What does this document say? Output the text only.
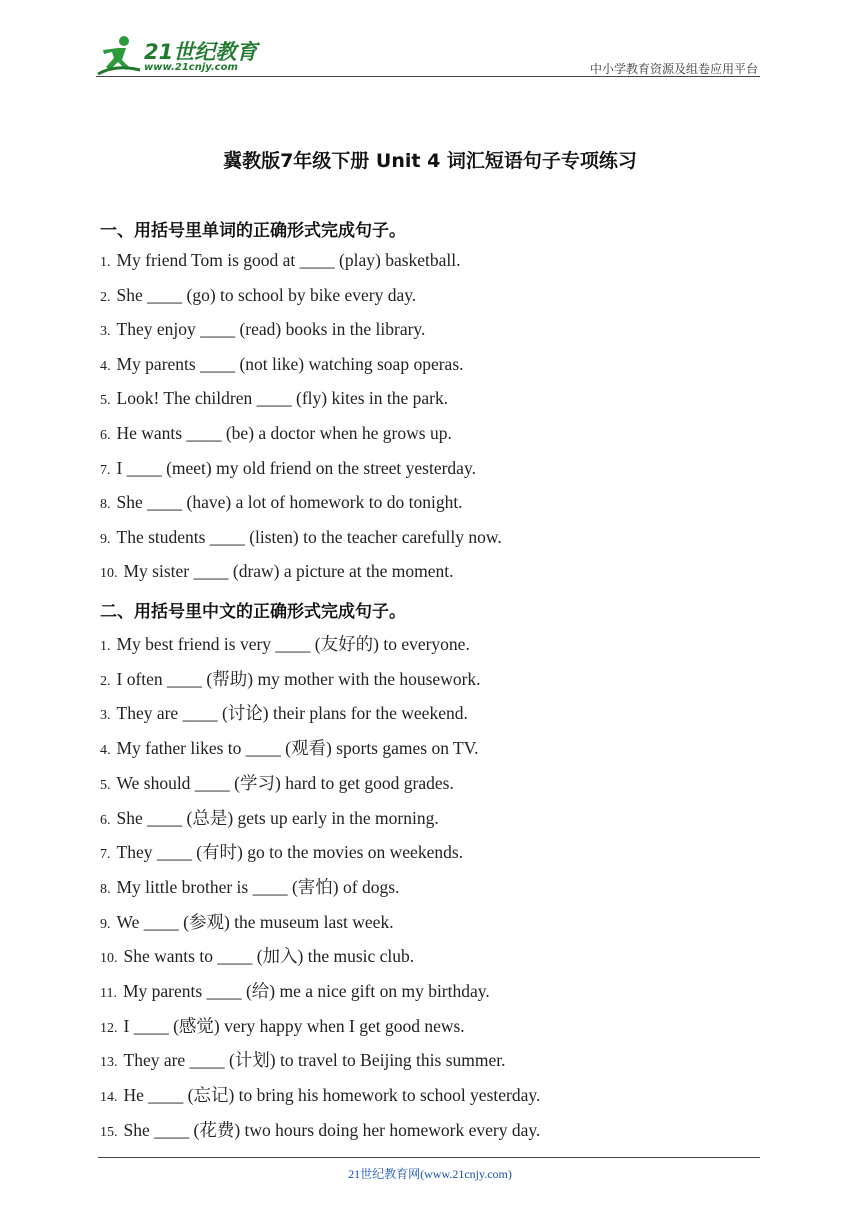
21世纪教育
www.21cnjy.com	中小学教育资源及组卷应用平台
冀教版7年级下册 Unit 4 词汇短语句子专项练习
一、用括号里单词的正确形式完成句子。
1. My friend Tom is good at ____ (play) basketball.
2. She ____ (go) to school by bike every day.
3. They enjoy ____ (read) books in the library.
4. My parents ____ (not like) watching soap operas.
5. Look! The children ____ (fly) kites in the park.
6. He wants ____ (be) a doctor when he grows up.
7. I ____ (meet) my old friend on the street yesterday.
8. She ____ (have) a lot of homework to do tonight.
9. The students ____ (listen) to the teacher carefully now.
10. My sister ____ (draw) a picture at the moment.
二、用括号里中文的正确形式完成句子。
1. My best friend is very ____ (友好的) to everyone.
2. I often ____ (帮助) my mother with the housework.
3. They are ____ (讨论) their plans for the weekend.
4. My father likes to ____ (观看) sports games on TV.
5. We should ____ (学习) hard to get good grades.
6. She ____ (总是) gets up early in the morning.
7. They ____ (有时) go to the movies on weekends.
8. My little brother is ____ (害怕) of dogs.
9. We ____ (参观) the museum last week.
10. She wants to ____ (加入) the music club.
11. My parents ____ (给) me a nice gift on my birthday.
12. I ____ (感觉) very happy when I get good news.
13. They are ____ (计划) to travel to Beijing this summer.
14. He ____ (忘记) to bring his homework to school yesterday.
15. She ____ (花费) two hours doing her homework every day.
21世纪教育网(www.21cnjy.com)
